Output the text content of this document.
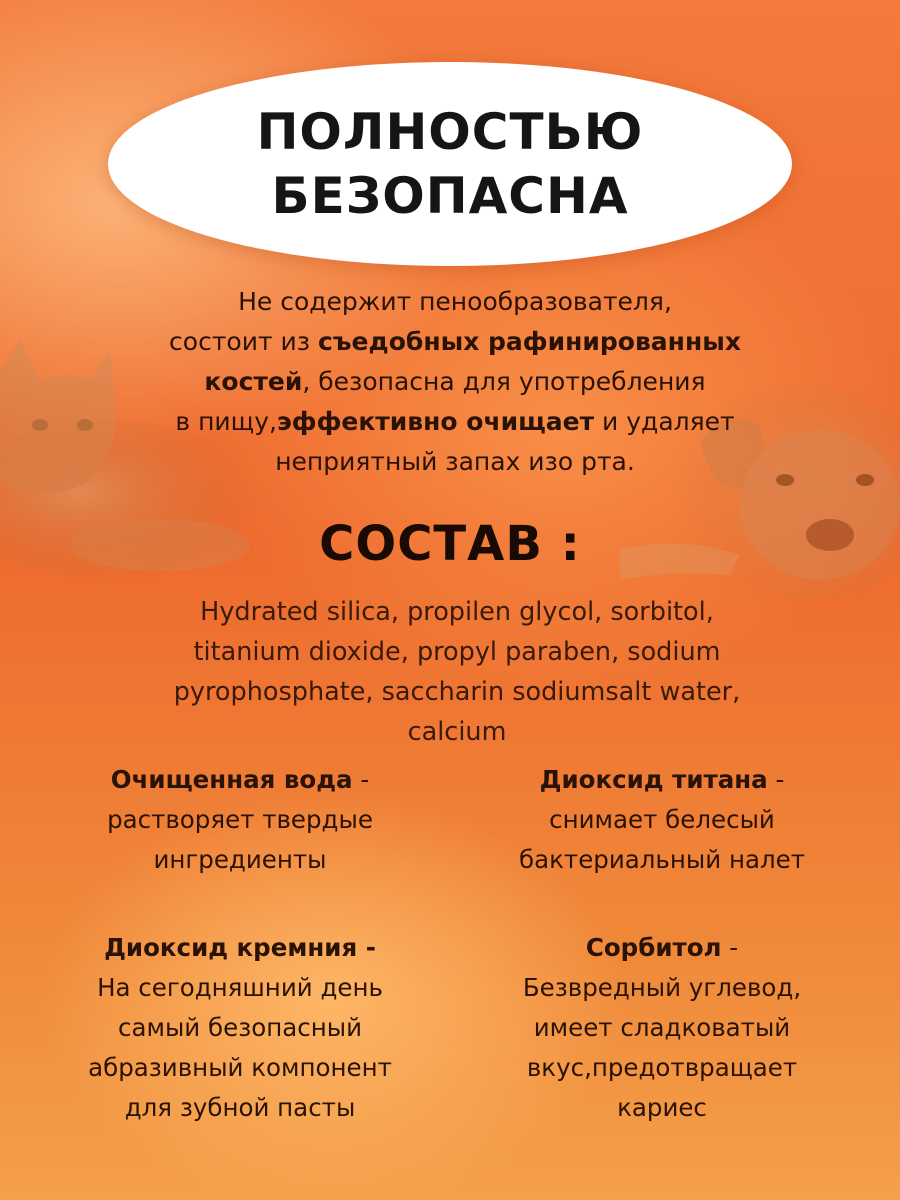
ПОЛНОСТЬЮ
БЕЗОПАСНА
Не содержит пенообразователя,
состоит из съедобных рафинированных
костей, безопасна для употребления
в пищу,эффективно очищает и удаляет
неприятный запах изо рта.
СОСТАВ :
Hydrated silica, propilen glycol, sorbitol,
titanium dioxide, propyl paraben, sodium
pyrophosphate, saccharin sodiumsalt water,
calcium
Очищенная вода -
растворяет твердые
ингредиенты
Диоксид титана -
снимает белесый
бактериальный налет
Диоксид кремния -
На сегодняшний день
самый безопасный
абразивный компонент
для зубной пасты
Сорбитол -
Безвредный углевод,
имеет сладковатый
вкус,предотвращает
кариес
